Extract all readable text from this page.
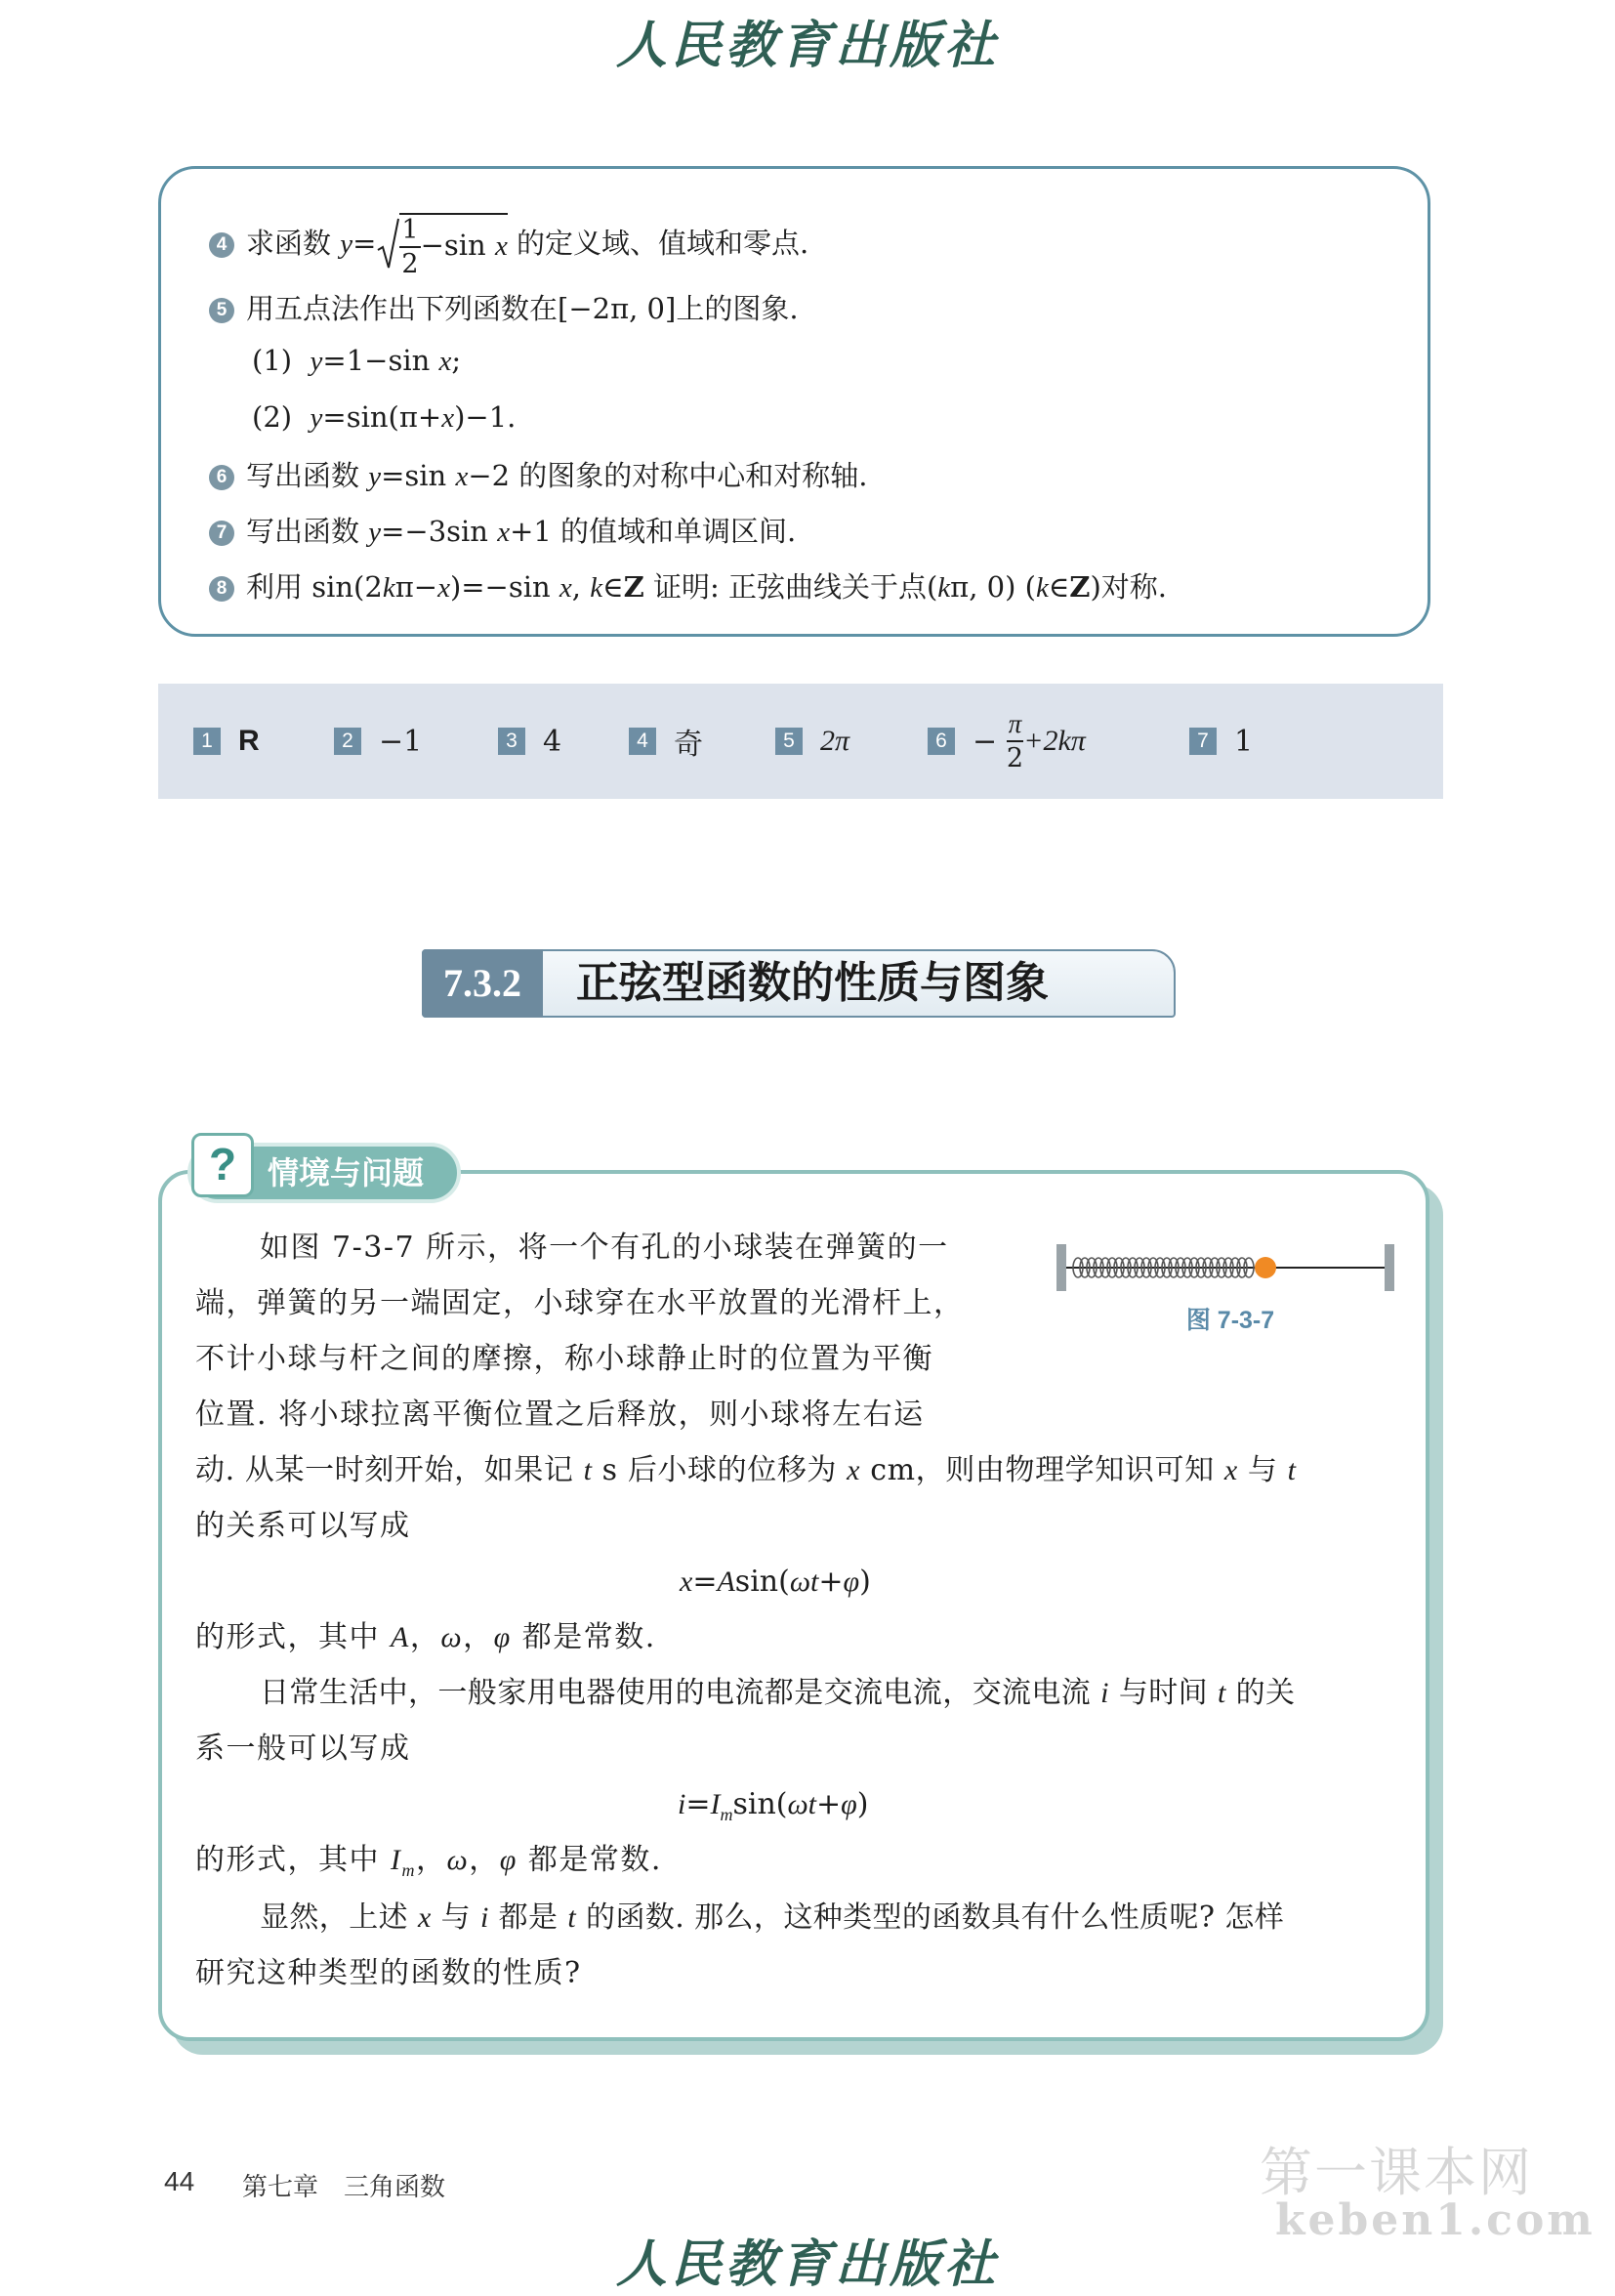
人民教育出版社
4 求函数 $y= \frac{1}{2} -\sin$ x 的定义域、值域和零点.
5 用五点法作出下列函数在[−2π, 0]上的图象.
(1) y=1−sin x;
(2) y=sin(π+x)−1.
6 写出函数 y=sin x−2 的图象的对称中心和对称轴.
7 写出函数 y=−3sin x+1 的值域和单调区间.
8 利用 sin(2kπ−x)=−sin x, k∈Z 证明: 正弦曲线关于点(kπ, 0) (k∈Z)对称.
1 R	2 −1	3 4	4 奇	5 2π	6 −
$\frac{\pi}{2} +2k\pi$	7 1
7.3.2	正弦型函数的性质与图象
? 情境与问题
图 7-3-7
如图 7-3-7 所示，将一个有孔的小球装在弹簧的一
端，弹簧的另一端固定，小球穿在水平放置的光滑杆上，
不计小球与杆之间的摩擦，称小球静止时的位置为平衡
位置. 将小球拉离平衡位置之后释放，则小球将左右运
动. 从某一时刻开始，如果记 t s 后小球的位移为 x cm，则由物理学知识可知 x 与 t
的关系可以写成
x=Asin(ωt+φ)
的形式，其中 A，ω，φ 都是常数.
日常生活中，一般家用电器使用的电流都是交流电流，交流电流 i 与时间 t 的关
系一般可以写成
$i=I_m\sin(\omega t+\varphi)$
的形式，其中 $I_m$，ω，φ 都是常数.
显然，上述 x 与 i 都是 t 的函数. 那么，这种类型的函数具有什么性质呢? 怎样
研究这种类型的函数的性质?
44 第七章　三角函数	第一课本网
keben1.com
人民教育出版社
